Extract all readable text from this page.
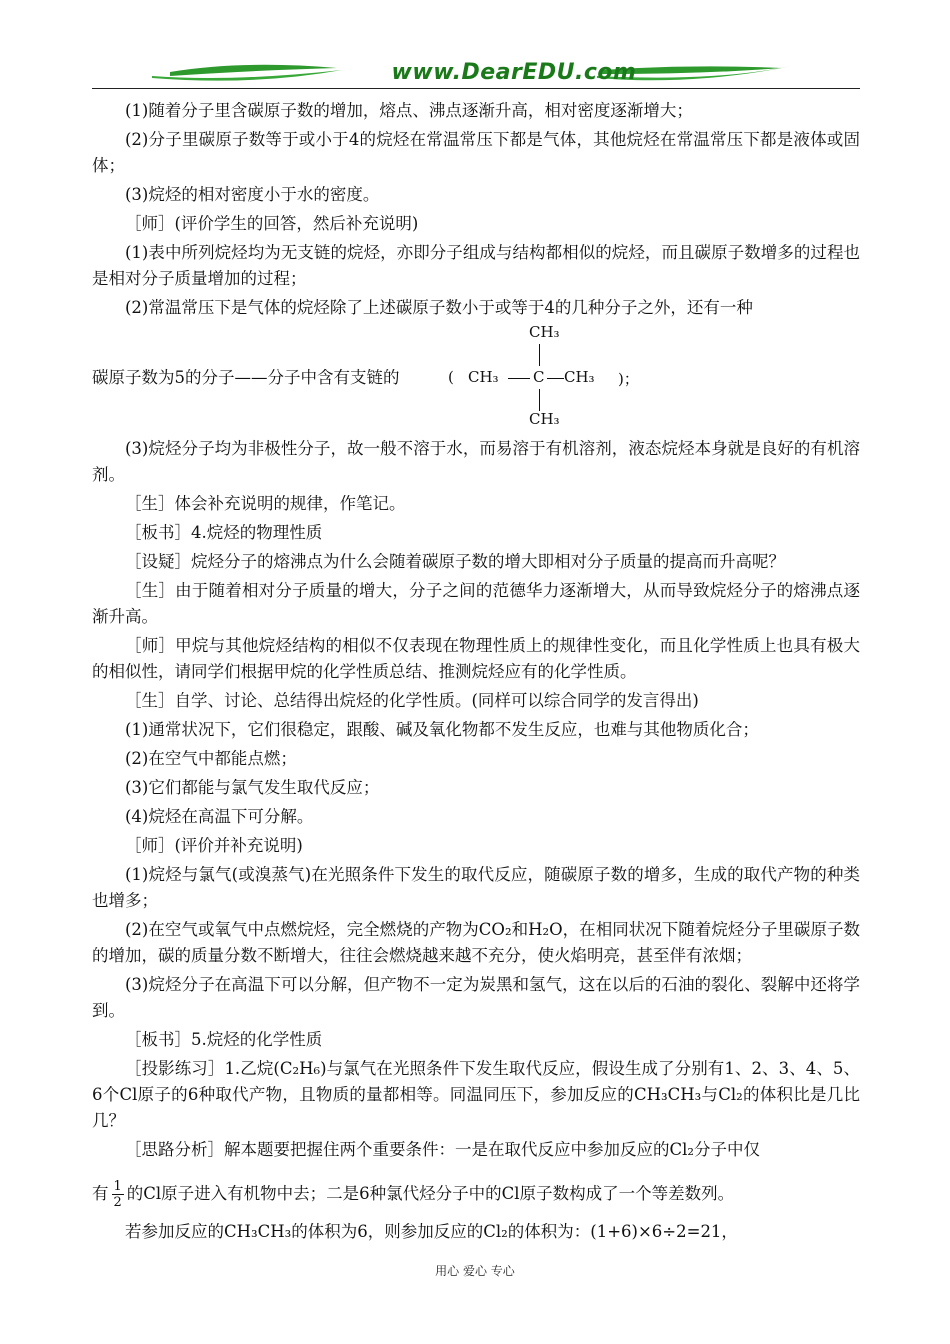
www.DearEDU.com

(1)随着分子里含碳原子数的增加，熔点、沸点逐渐升高，相对密度逐渐增大；

(2)分子里碳原子数等于或小于4的烷烃在常温常压下都是气体，其他烷烃在常温常压下都是液体或固体；

(3)烷烃的相对密度小于水的密度。

［师］(评价学生的回答，然后补充说明)

(1)表中所列烷烃均为无支链的烷烃，亦即分子组成与结构都相似的烷烃，而且碳原子数增多的过程也是相对分子质量增加的过程；

(2)常温常压下是气体的烷烃除了上述碳原子数小于或等于4的几种分子之外，还有一种

碳原子数为5的分子——分子中含有支链的	(
CH₃
CH₃ C CH₃ )；
CH₃

(3)烷烃分子均为非极性分子，故一般不溶于水，而易溶于有机溶剂，液态烷烃本身就是良好的有机溶剂。

［生］体会补充说明的规律，作笔记。

［板书］4.烷烃的物理性质

［设疑］烷烃分子的熔沸点为什么会随着碳原子数的增大即相对分子质量的提高而升高呢？

［生］由于随着相对分子质量的增大，分子之间的范德华力逐渐增大，从而导致烷烃分子的熔沸点逐渐升高。

［师］甲烷与其他烷烃结构的相似不仅表现在物理性质上的规律性变化，而且化学性质上也具有极大的相似性，请同学们根据甲烷的化学性质总结、推测烷烃应有的化学性质。

［生］自学、讨论、总结得出烷烃的化学性质。(同样可以综合同学的发言得出)

(1)通常状况下，它们很稳定，跟酸、碱及氧化物都不发生反应，也难与其他物质化合；

(2)在空气中都能点燃；

(3)它们都能与氯气发生取代反应；

(4)烷烃在高温下可分解。

［师］(评价并补充说明)

(1)烷烃与氯气(或溴蒸气)在光照条件下发生的取代反应，随碳原子数的增多，生成的取代产物的种类也增多；

(2)在空气或氧气中点燃烷烃，完全燃烧的产物为CO₂和H₂O，在相同状况下随着烷烃分子里碳原子数的增加，碳的质量分数不断增大，往往会燃烧越来越不充分，使火焰明亮，甚至伴有浓烟；

(3)烷烃分子在高温下可以分解，但产物不一定为炭黑和氢气，这在以后的石油的裂化、裂解中还将学到。

［板书］5.烷烃的化学性质

［投影练习］1.乙烷(C₂H₆)与氯气在光照条件下发生取代反应，假设生成了分别有1、2、3、4、5、6个Cl原子的6种取代产物，且物质的量都相等。同温同压下，参加反应的CH₃CH₃与Cl₂的体积比是几比几？

［思路分析］解本题要把握住两个重要条件：一是在取代反应中参加反应的Cl₂分子中仅

有 $\frac{1}{2}$ 的Cl原子进入有机物中去；二是6种氯代烃分子中的Cl原子数构成了一个等差数列。

若参加反应的CH₃CH₃的体积为6，则参加反应的Cl₂的体积为：(1+6)×6÷2=21，

用心 爱心 专心
